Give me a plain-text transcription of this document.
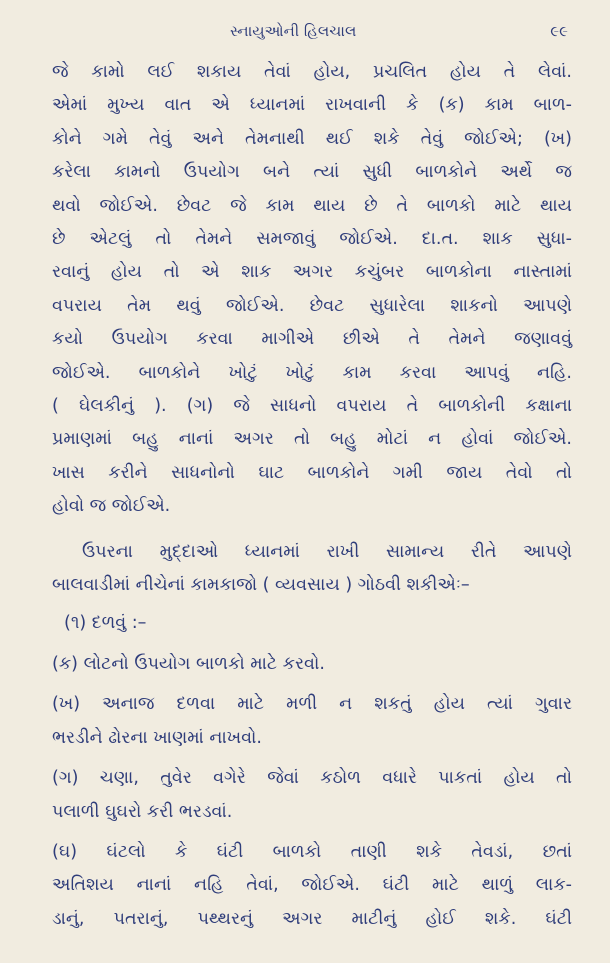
સ્નાયુઓની હિલચાલ	૯૯
જે કામો લઈ શકાય તેવાં હોય, પ્રચલિત હોય તે લેવાં.
એમાં મુખ્ય વાત એ ધ્યાનમાં રાખવાની કે (ક) કામ બાળ-
કોને ગમે તેવું અને તેમનાથી થઈ શકે તેવું જોઈએ; (ખ)
કરેલા કામનો ઉપયોગ બને ત્યાં સુધી બાળકોને અર્થે જ
થવો જોઈએ. છેવટ જે કામ થાય છે તે બાળકો માટે થાય
છે એટલું તો તેમને સમજાવું જોઈએ. દા.ત. શાક સુધા-
રવાનું હોય તો એ શાક અગર કચુંબર બાળકોના નાસ્તામાં
વપરાય તેમ થવું જોઈએ. છેવટ સુધારેલા શાકનો આપણે
કયો ઉપયોગ કરવા માગીએ છીએ તે તેમને જણાવવું
જોઈએ. બાળકોને ખોટું ખોટું કામ કરવા આપવું નહિ.
( ઘેલકીનું ). (ગ) જે સાધનો વપરાય તે બાળકોની કક્ષાના
પ્રમાણમાં બહુ નાનાં અગર તો બહુ મોટાં ન હોવાં જોઈએ.
ખાસ કરીને સાધનોનો ઘાટ બાળકોને ગમી જાય તેવો તો
હોવો જ જોઈએ.
ઉપરના મુદ્દાઓ ધ્યાનમાં રાખી સામાન્ય રીતે આપણે
બાલવાડીમાં નીચેનાં કામકાજો ( વ્યવસાય ) ગોઠવી શકીએઃ–
(૧) દળવું :–
(ક) લોટનો ઉપયોગ બાળકો માટે કરવો.
(ખ) અનાજ દળવા માટે મળી ન શકતું હોય ત્યાં ગુવાર
ભરડીને ઢોરના ખાણમાં નાખવો.
(ગ) ચણા, તુવેર વગેરે જેવાં કઠોળ વધારે પાકતાં હોય તો
પલાળી ઘુઘરો કરી ભરડવાં.
(ઘ) ઘંટલો કે ઘંટી બાળકો તાણી શકે તેવડાં, છતાં
અતિશય નાનાં નહિ તેવાં, જોઈએ. ઘંટી માટે થાળું લાક-
ડાનું, પતરાનું, પથ્થરનું અગર માટીનું હોઈ શકે. ઘંટી
